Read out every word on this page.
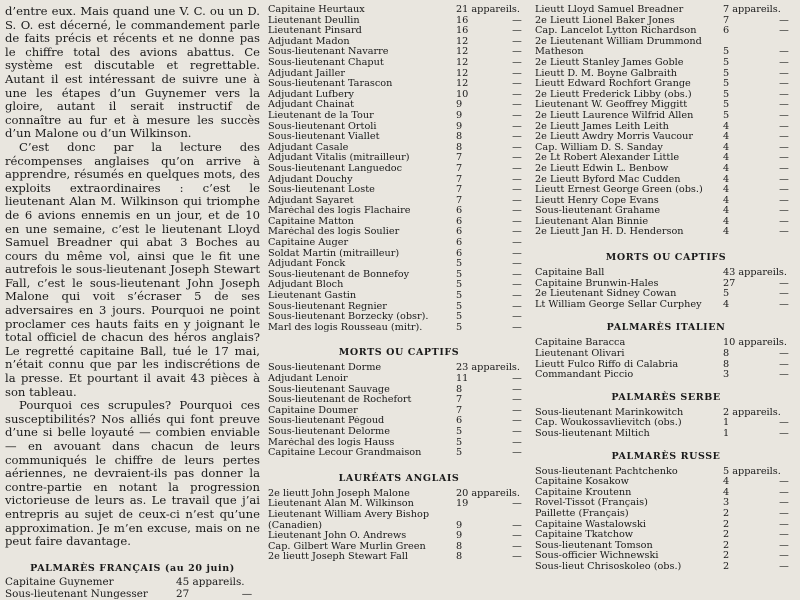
d’entre eux. Mais quand une V. C. ou un D. S. O. est décerné, le commandement parle de faits précis et récents et ne donne pas le chiffre total des avions abattus. Ce système est discutable et regrettable. Autant il est intéressant de suivre une à une les étapes d’un Guynemer vers la gloire, autant il serait instructif de connaître au fur et à mesure les succès d’un Malone ou d’un Wilkinson.

C’est donc par la lecture des récompenses anglaises qu’on arrive à apprendre, résumés en quelques mots, des exploits extraordinaires : c’est le lieutenant Alan M. Wilkinson qui triomphe de 6 avions ennemis en un jour, et de 10 en une semaine, c’est le lieutenant Lloyd Samuel Breadner qui abat 3 Boches au cours du même vol, ainsi que le fit une autrefois le sous-lieutenant Joseph Stewart Fall, c’est le sous-lieutenant John Joseph Malone qui voit s’écraser 5 de ses adversaires en 3 jours. Pourquoi ne point proclamer ces hauts faits en y joignant le total officiel de chacun des héros anglais? Le regretté capitaine Ball, tué le 17 mai, n’était connu que par les indiscrétions de la presse. Et pourtant il avait 43 pièces à son tableau.

Pourquoi ces scrupules? Pourquoi ces susceptibilités? Nos alliés qui font preuve d’une si belle loyauté — combien enviable — en avouant dans chacun de leurs communiqués le chiffre de leurs pertes aériennes, ne devraient-ils pas donner la contre-partie en notant la progression victorieuse de leurs as. Le travail que j’ai entrepris au sujet de ceux-ci n’est qu’une approximation. Je m’en excuse, mais on ne peut faire davantage.

PALMARÈS FRANÇAIS (au 20 juin)
Capitaine Guynemer	45 appareils.
Sous-lieutenant Nungesser	27	—
Capitaine Heurtaux	21 appareils.
Lieutenant Deullin	16	—
Lieutenant Pinsard	16	—
Adjudant Madon	12	—
Sous-lieutenant Navarre	12	—
Sous-lieutenant Chaput	12	—
Adjudant Jailler	12	—
Sous-lieutenant Tarascon	12	—
Adjudant Lufbery	10	—
Adjudant Chainat	9	—
Lieutenant de la Tour	9	—
Sous-lieutenant Ortoli	9	—
Sous-lieutenant Viallet	8	—
Adjudant Casale	8	—
Adjudant Vitalis (mitrailleur)	7	—
Sous-lieutenant Languedoc	7	—
Adjudant Douchy	7	—
Sous-lieutenant Loste	7	—
Adjudant Sayaret	7	—
Maréchal des logis Flachaire	6	—
Capitaine Matton	6	—
Maréchal des logis Soulier	6	—
Capitaine Auger	6	—
Soldat Martin (mitrailleur)	6	—
Adjudant Fonck	5	—
Sous-lieutenant de Bonnefoy	5	—
Adjudant Bloch	5	—
Lieutenant Gastin	5	—
Sous-lieutenant Regnier	5	—
Sous-lieutenant Borzecky (obsr).	5	—
Marl des logis Rousseau (mitr).	5	—
MORTS OU CAPTIFS
Sous-lieutenant Dorme	23 appareils.
Adjudant Lenoir	11	—
Sous-lieutenant Sauvage	8	—
Sous-lieutenant de Rochefort	7	—
Capitaine Doumer	7	—
Sous-lieutenant Pégoud	6	—
Sous-lieutenant Delorme	5	—
Maréchal des logis Hauss	5	—
Capitaine Lecour Grandmaison	5	—
LAURÉATS ANGLAIS
2e lieutt John Joseph Malone	20 appareils.
Lieutenant Alan M. Wilkinson	19	—
Lieutenant William Avery Bishop
(Canadien)	9	—
Lieutenant John O. Andrews	9	—
Cap. Gilbert Ware Murlin Green	8	—
2e lieutt Joseph Stewart Fall	8	—
Lieutt Lloyd Samuel Breadner	7 appareils.
2e Lieutt Lionel Baker Jones	7	—
Cap. Lancelot Lytton Richardson	6	—
2e Lieutenant William Drummond
Matheson	5	—
2e Lieutt Stanley James Goble	5	—
Lieutt D. M. Boyne Galbraith	5	—
Lieutt Edward Rochfort Grange	5	—
2e Lieutt Frederick Libby (obs.)	5	—
Lieutenant W. Geoffrey Miggitt	5	—
2e Lieutt Laurence Wilfrid Allen	5	—
2e Lieutt James Leith Leith	4	—
2e Lieutt Awdry Morris Vaucour	4	—
Cap. William D. S. Sanday	4	—
2e Lt Robert Alexander Little	4	—
2e Lieutt Edwin L. Benbow	4	—
2e Lieutt Byford Mac Cudden	4	—
Lieutt Ernest George Green (obs.)	4	—
Lieutt Henry Cope Evans	4	—
Sous-lieutenant Grahame	4	—
Lieutenant Alan Binnie	4	—
2e Lieutt Jan H. D. Henderson	4	—
MORTS OU CAPTIFS
Capitaine Ball	43 appareils.
Capitaine Brunwin-Hales	27	—
2e Lieutenant Sidney Cowan	5	—
Lt William George Sellar Curphey	4	—
PALMARÈS ITALIEN
Capitaine Baracca	10 appareils.
Lieutenant Olivari	8	—
Lieutt Fulco Riffo di Calabria	8	—
Commandant Piccio	3	—
PALMARÈS SERBE
Sous-lieutenant Marinkowitch	2 appareils.
Cap. Woukossavlievitch (obs.)	1	—
Sous-lieutenant Miltich	1	—
PALMARÈS RUSSE
Sous-lieutenant Pachtchenko	5 appareils.
Capitaine Kosakow	4	—
Capitaine Kroutenn	4	—
Rovel-Tissot (Français)	3	—
Paillette (Français)	2	—
Capitaine Wastalowski	2	—
Capitaine Tkatchow	2	—
Sous-lieutenant Tomson	2	—
Sous-officier Wichnewski	2	—
Sous-lieut Chrisoskoleo (obs.)	2	—
